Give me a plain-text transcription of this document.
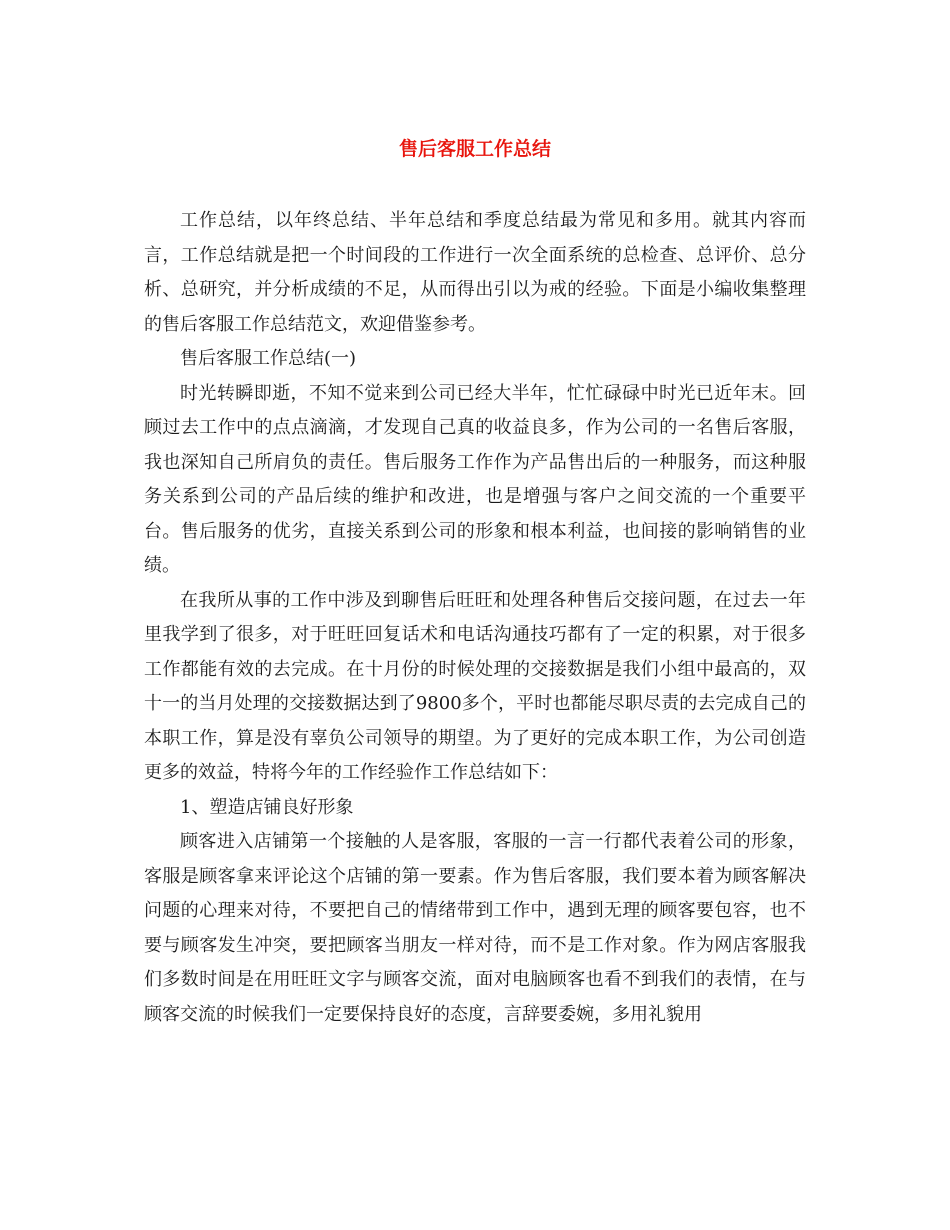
售后客服工作总结

工作总结，以年终总结、半年总结和季度总结最为常见和多用。就其内容而言，工作总结就是把一个时间段的工作进行一次全面系统的总检查、总评价、总分析、总研究，并分析成绩的不足，从而得出引以为戒的经验。下面是小编收集整理的售后客服工作总结范文，欢迎借鉴参考。

售后客服工作总结(一)

时光转瞬即逝，不知不觉来到公司已经大半年，忙忙碌碌中时光已近年末。回顾过去工作中的点点滴滴，才发现自己真的收益良多，作为公司的一名售后客服，我也深知自己所肩负的责任。售后服务工作作为产品售出后的一种服务，而这种服务关系到公司的产品后续的维护和改进，也是增强与客户之间交流的一个重要平台。售后服务的优劣，直接关系到公司的形象和根本利益，也间接的影响销售的业绩。

在我所从事的工作中涉及到聊售后旺旺和处理各种售后交接问题，在过去一年里我学到了很多，对于旺旺回复话术和电话沟通技巧都有了一定的积累，对于很多工作都能有效的去完成。在十月份的时候处理的交接数据是我们小组中最高的，双十一的当月处理的交接数据达到了9800多个，平时也都能尽职尽责的去完成自己的本职工作，算是没有辜负公司领导的期望。为了更好的完成本职工作，为公司创造更多的效益，特将今年的工作经验作工作总结如下：

1、塑造店铺良好形象

顾客进入店铺第一个接触的人是客服，客服的一言一行都代表着公司的形象，客服是顾客拿来评论这个店铺的第一要素。作为售后客服，我们要本着为顾客解决问题的心理来对待，不要把自己的情绪带到工作中，遇到无理的顾客要包容，也不要与顾客发生冲突，要把顾客当朋友一样对待，而不是工作对象。作为网店客服我们多数时间是在用旺旺文字与顾客交流，面对电脑顾客也看不到我们的表情，在与顾客交流的时候我们一定要保持良好的态度，言辞要委婉，多用礼貌用
